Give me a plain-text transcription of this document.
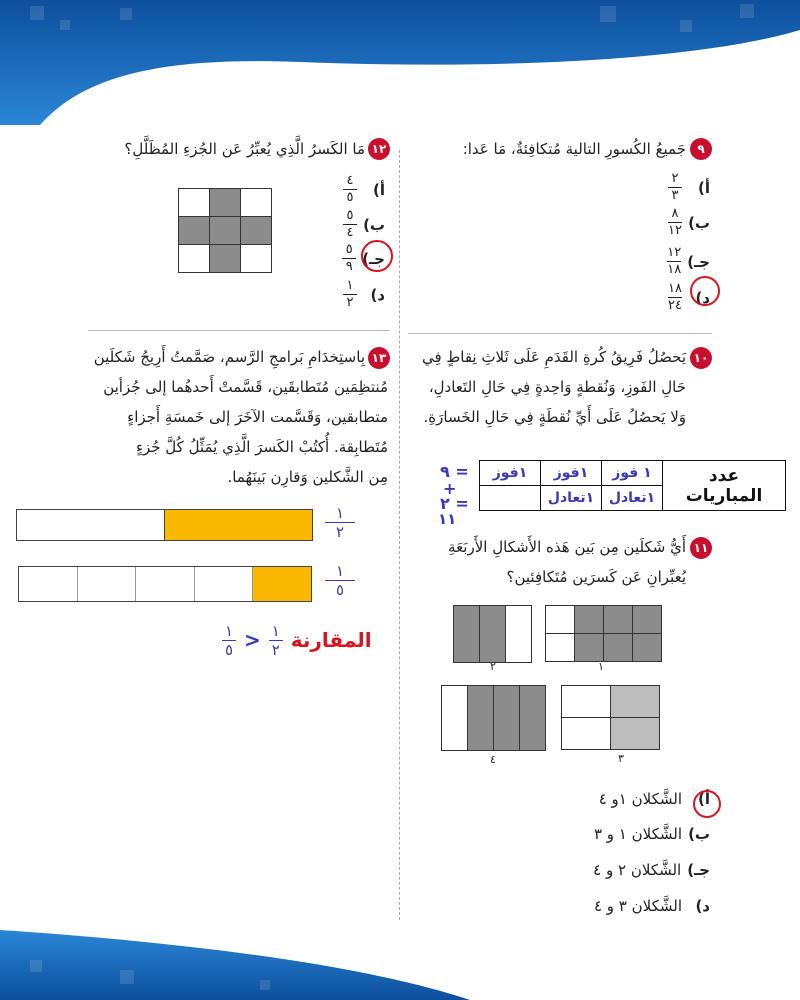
٩
جَميعُ الكُسورِ التالية مُتكافِئةٌ، مَا عَدا:
أ)
$\frac{٢}{٣}$
ب)
$\frac{٨}{١٢}$
جـ)
$\frac{١٢}{١٨}$
د)
$\frac{١٨}{٢٤}$
١٢
مَا الكَسرُ الَّذِي يُعبِّرُ عَن الجُزءِ المُظَلَّلِ؟

أ)
$\frac{٤}{٥}$
ب)
$\frac{٥}{٤}$
جـ)
$\frac{٥}{٩}$
د)
$\frac{١}{٢}$
١٠
يَحصُلُ فَرِيقُ كُرةِ القَدَمِ عَلَى ثَلاثِ نِقاطٍ فِي
حَالِ الفَوزِ، وَنُقطةٍ وَاحِدةٍ فِي حَالِ التَعادلِ،
وَلا يَحصُلُ عَلَى أَيِّ نُقطَةٍ فِي حَالِ الخَسارَةِ.
عدد المباريات	١ فوز	١فوز	١فوز
	١تعادل	١تعادل	
٩ =
+
٢ =
١١
١٣
بِاستِخدَامِ بَرامجِ الرَّسم، صَمَّمتُ أَرِيجُ شَكلَين
مُنتظِمَين مُتَطابقَين، قَسَّمتْ أَحدهُما إلى جُزأين
متطابقين، وَقَسَّمت الآخَرَ إلى خَمسَةِ أَجزاءٍ
مُتَطابِقة. أُكتُبْ الكَسرَ الَّذِي يُمَثِّلُ كُلَّ جُزءٍ
مِن الشَّكلين وَقارِن بَينَهُما.
١
٢
١
٥
$\frac{١}{٥} > \frac{١}{٢}$ المقارنة
١١
أَيُّ شَكلَين مِن بَين هَذه الأَشكالِ الأَربَعَةِ
يُعبِّرانِ عَن كَسرَين مُتَكافِئين؟

١

٢

٣

٤
أ)
الشَّكلان ١و ٤
ب)
الشَّكلان ١ و ٣
جـ)
الشَّكلان ٢ و ٤
د)
الشَّكلان ٣ و ٤
